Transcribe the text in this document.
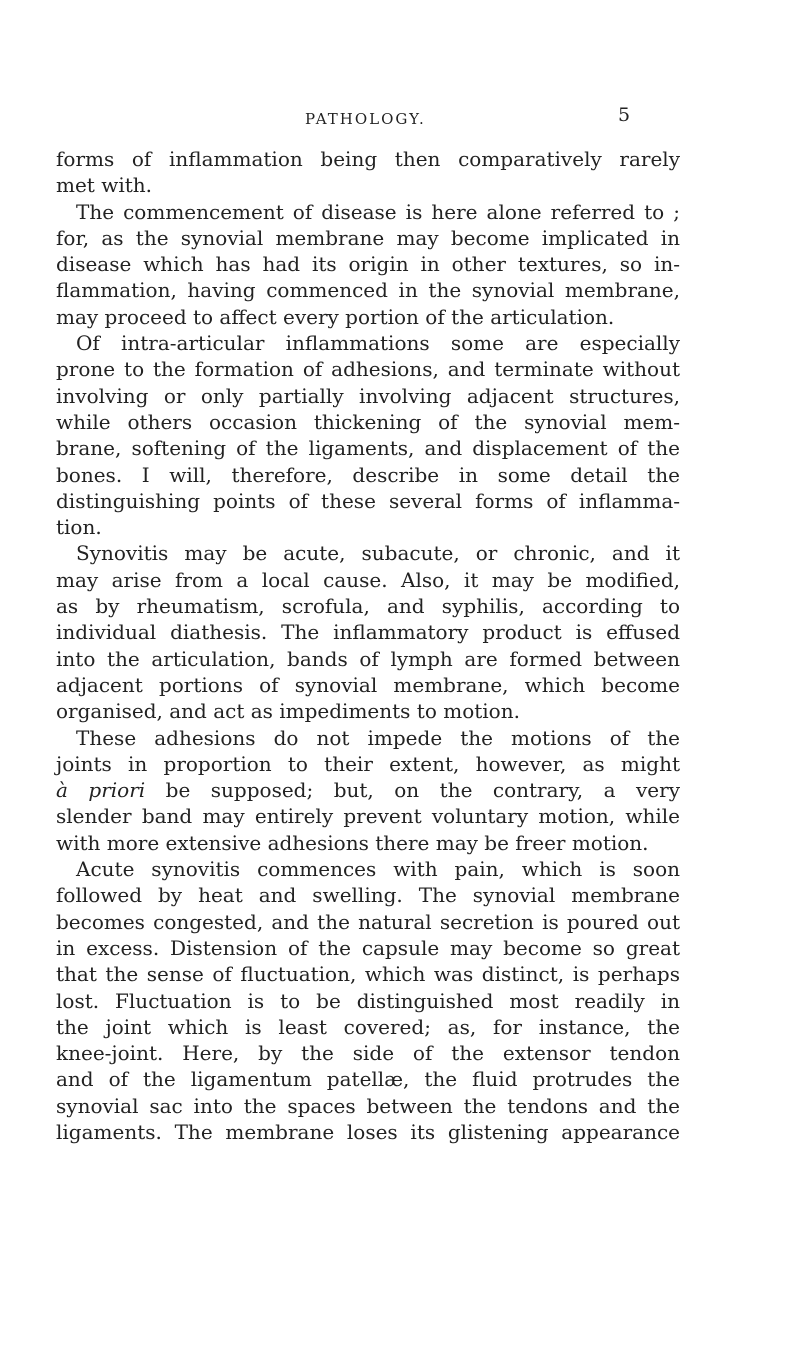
PATHOLOGY.	5
forms of inflammation being then comparatively rarely
met with.
The commencement of disease is here alone referred to ;
for, as the synovial membrane may become implicated in
disease which has had its origin in other textures, so in-
flammation, having commenced in the synovial membrane,
may proceed to affect every portion of the articulation.
Of intra-articular inflammations some are especially
prone to the formation of adhesions, and terminate without
involving or only partially involving adjacent structures,
while others occasion thickening of the synovial mem-
brane, softening of the ligaments, and displacement of the
bones. I will, therefore, describe in some detail the
distinguishing points of these several forms of inflamma-
tion.
Synovitis may be acute, subacute, or chronic, and it
may arise from a local cause. Also, it may be modified,
as by rheumatism, scrofula, and syphilis, according to
individual diathesis. The inflammatory product is effused
into the articulation, bands of lymph are formed between
adjacent portions of synovial membrane, which become
organised, and act as impediments to motion.
These adhesions do not impede the motions of the
joints in proportion to their extent, however, as might
à priori be supposed; but, on the contrary, a very
slender band may entirely prevent voluntary motion, while
with more extensive adhesions there may be freer motion.
Acute synovitis commences with pain, which is soon
followed by heat and swelling. The synovial membrane
becomes congested, and the natural secretion is poured out
in excess. Distension of the capsule may become so great
that the sense of fluctuation, which was distinct, is perhaps
lost. Fluctuation is to be distinguished most readily in
the joint which is least covered; as, for instance, the
knee-joint. Here, by the side of the extensor tendon
and of the ligamentum patellæ, the fluid protrudes the
synovial sac into the spaces between the tendons and the
ligaments. The membrane loses its glistening appearance
